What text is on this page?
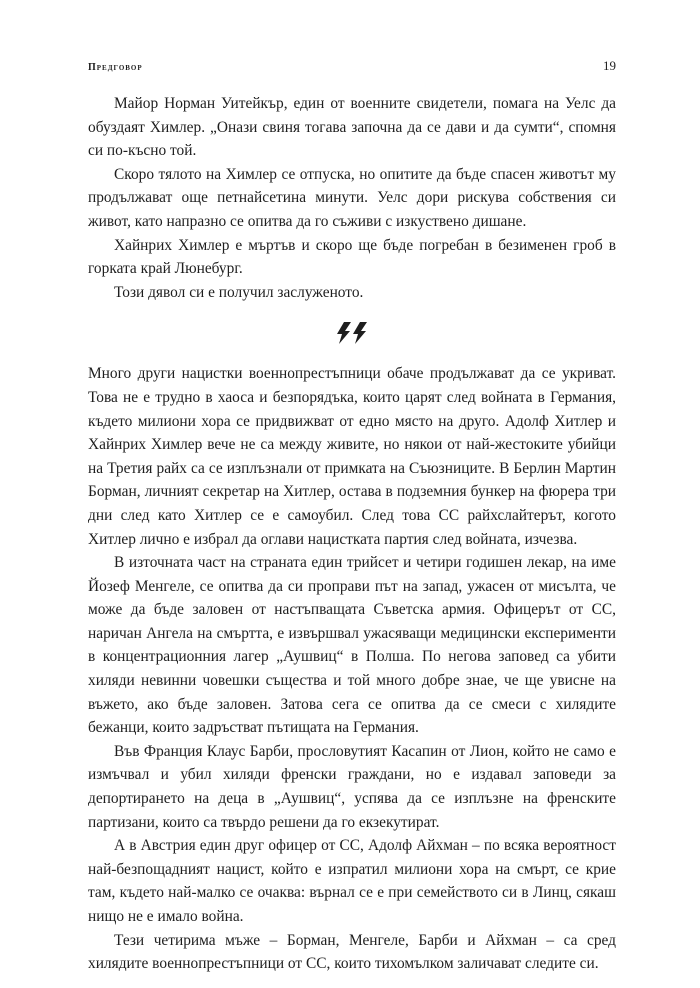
Предговор	19

Майор Норман Уитейкър, един от военните свидетели, помага на Уелс да обуздаят Химлер. „Онази свиня тогава започна да се дави и да сумти“, спомня си по-късно той.

Скоро тялото на Химлер се отпуска, но опитите да бъде спасен животът му продължават още петнайсетина минути. Уелс дори рискува собствения си живот, като напразно се опитва да го съживи с изкуствено дишане.

Хайнрих Химлер е мъртъв и скоро ще бъде погребан в безименен гроб в горката край Люнебург.

Този дявол си е получил заслуженото.

Много други нацистки военнопрестъпници обаче продължават да се укриват. Това не е трудно в хаоса и безпорядъка, които царят след войната в Германия, където милиони хора се придвижват от едно място на друго. Адолф Хитлер и Хайнрих Химлер вече не са между живите, но някои от най-жестоките убийци на Третия райх са се изплъзнали от примката на Съюзниците. В Берлин Мартин Борман, личният секретар на Хитлер, остава в подземния бункер на фюрера три дни след като Хитлер се е самоубил. След това СС райхслайтерът, когото Хитлер лично е избрал да оглави нацистката партия след войната, изчезва.

В източната част на страната един трийсет и четири годишен лекар, на име Йозеф Менгеле, се опитва да си проправи път на запад, ужасен от мисълта, че може да бъде заловен от настъпващата Съветска армия. Офицерът от СС, наричан Ангела на смъртта, е извършвал ужасяващи медицински експерименти в концентрационния лагер „Аушвиц“ в Полша. По негова заповед са убити хиляди невинни човешки същества и той много добре знае, че ще увисне на въжето, ако бъде заловен. Затова сега се опитва да се смеси с хилядите бежанци, които задръстват пътищата на Германия.

Във Франция Клаус Барби, прословутият Касапин от Лион, който не само е измъчвал и убил хиляди френски граждани, но е издавал заповеди за депортирането на деца в „Аушвиц“, успява да се изплъзне на френските партизани, които са твърдо решени да го екзекутират.

А в Австрия един друг офицер от СС, Адолф Айхман – по всяка вероятност най-безпощадният нацист, който е изпратил милиони хора на смърт, се крие там, където най-малко се очаква: върнал се е при семейството си в Линц, сякаш нищо не е имало война.

Тези четирима мъже – Борман, Менгеле, Барби и Айхман – са сред хилядите военнопрестъпници от СС, които тихомълком заличават следите си.
